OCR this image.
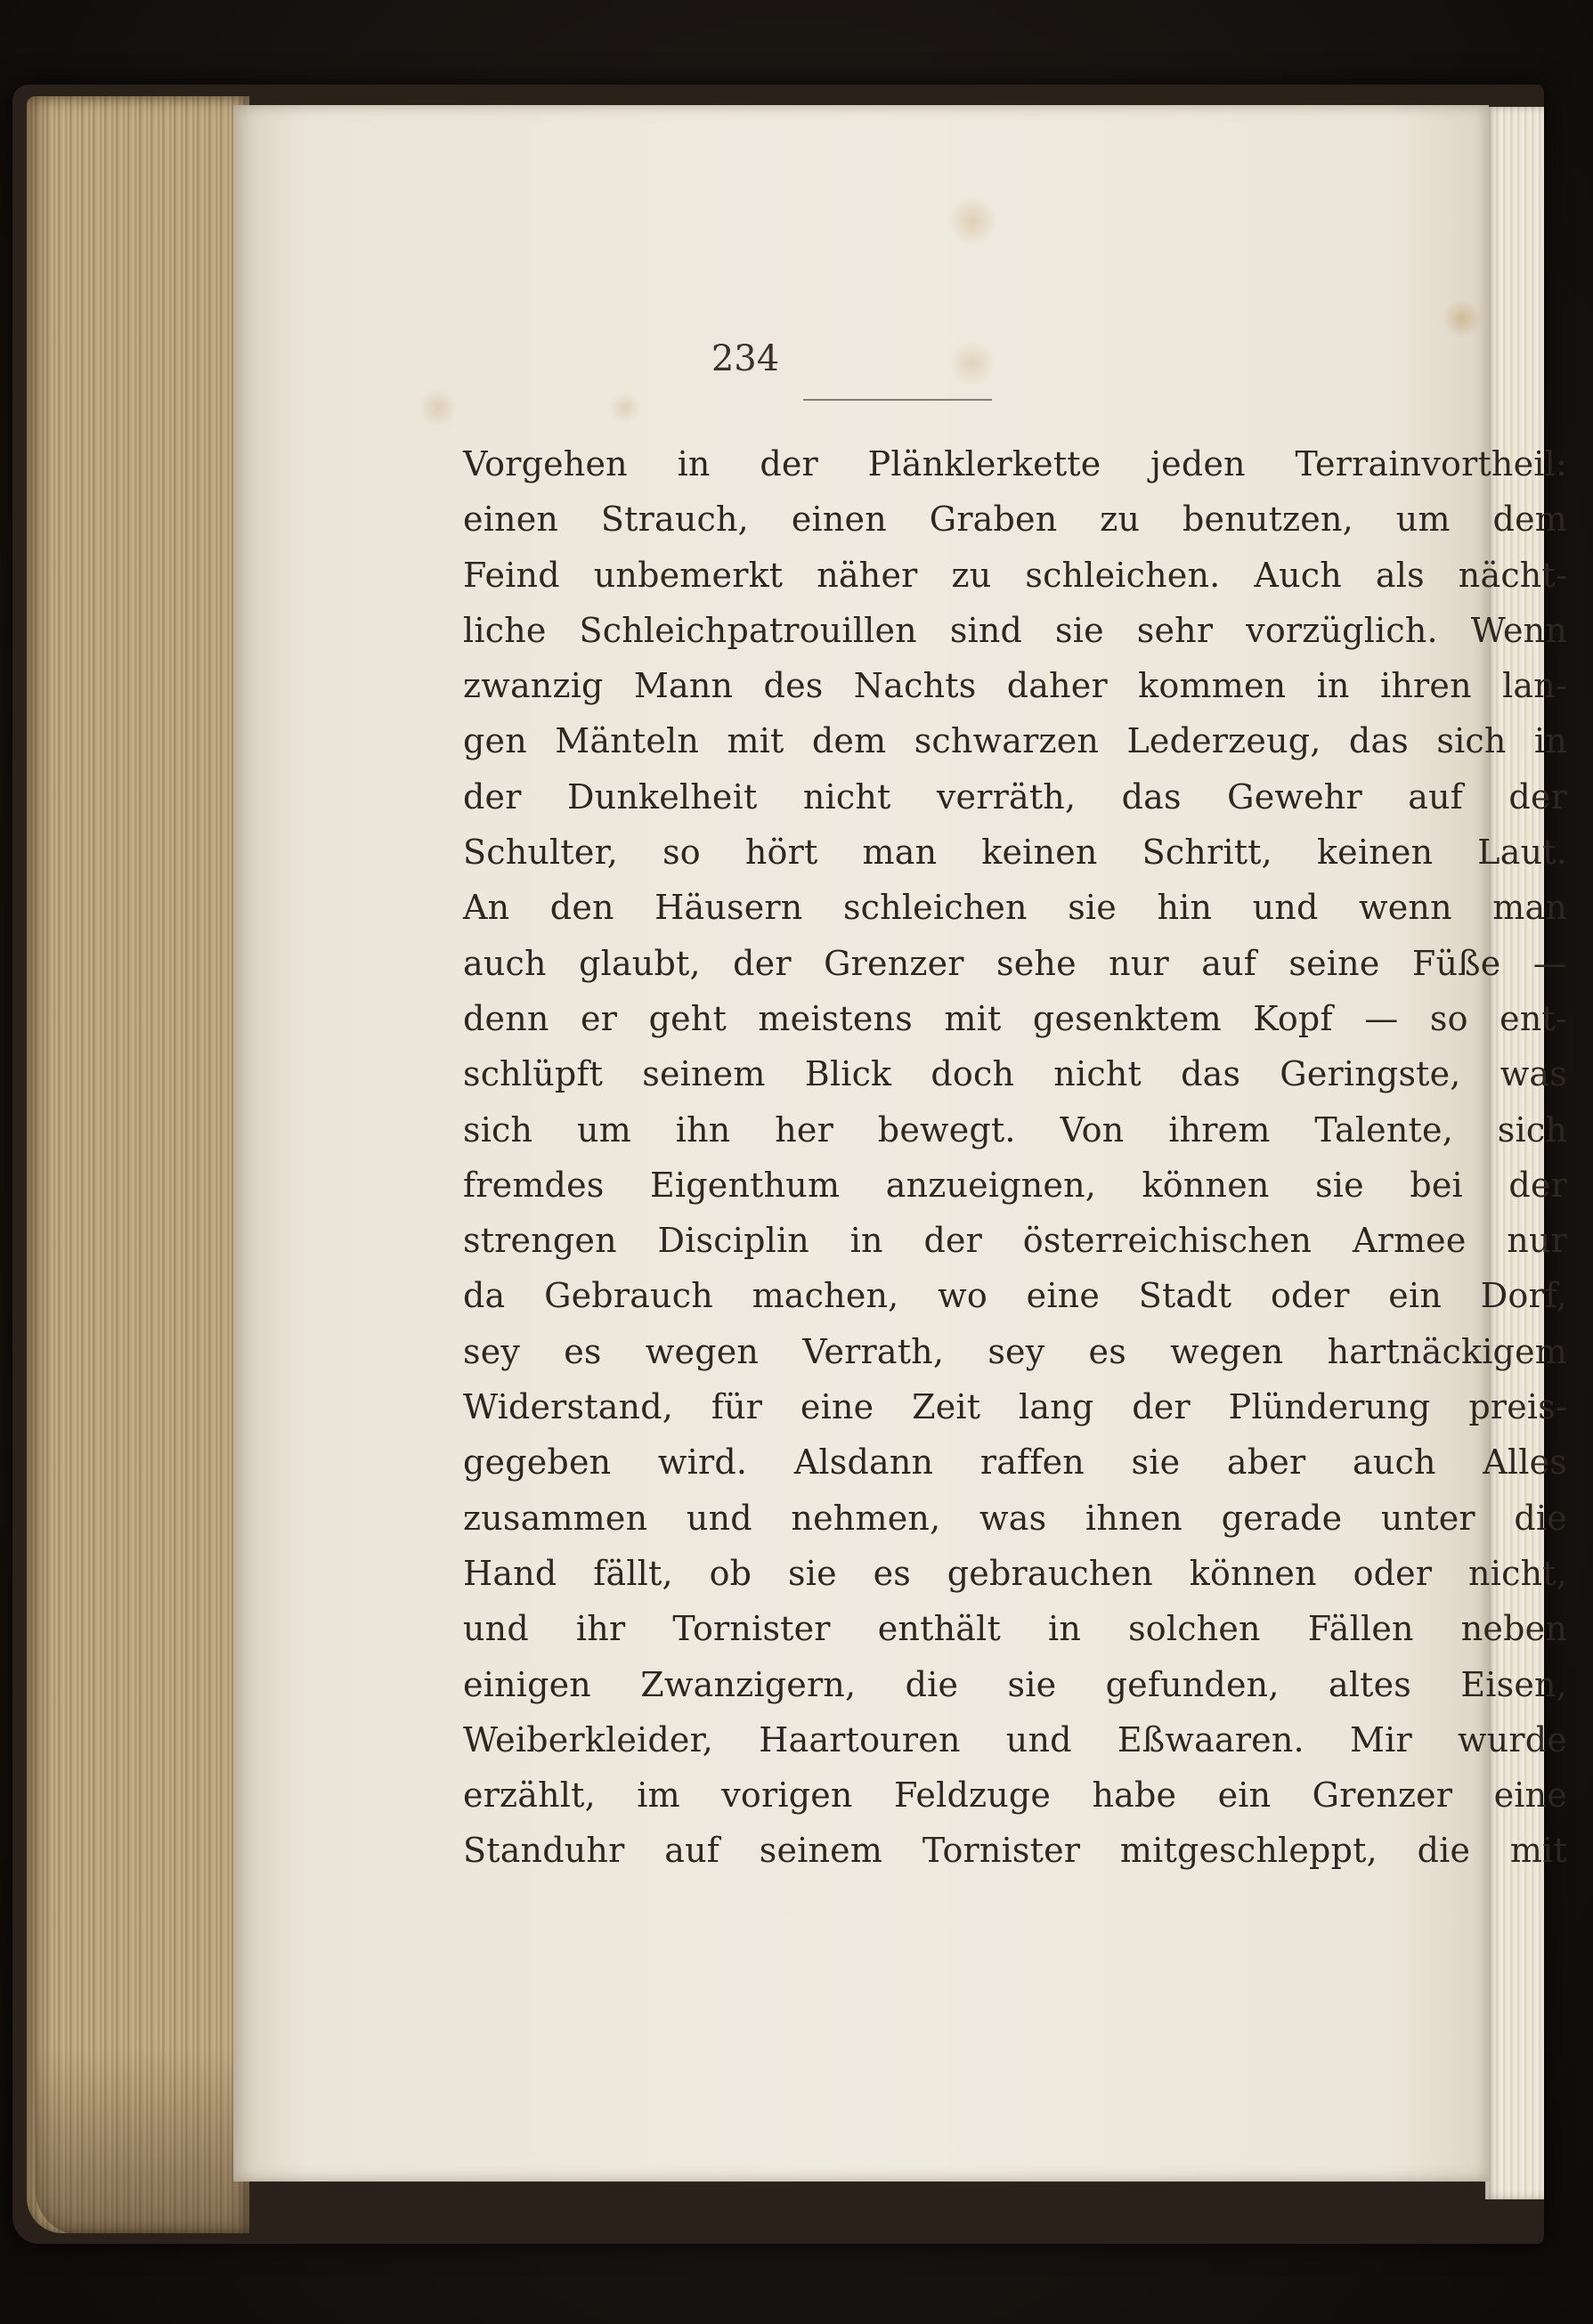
234
Vorgehen in der Plänklerkette jeden Terrainvortheil:
einen Strauch, einen Graben zu benutzen, um dem
Feind unbemerkt näher zu schleichen. Auch als nächt-
liche Schleichpatrouillen sind sie sehr vorzüglich. Wenn
zwanzig Mann des Nachts daher kommen in ihren lan-
gen Mänteln mit dem schwarzen Lederzeug, das sich in
der Dunkelheit nicht verräth, das Gewehr auf der
Schulter, so hört man keinen Schritt, keinen Laut.
An den Häusern schleichen sie hin und wenn man
auch glaubt, der Grenzer sehe nur auf seine Füße —
denn er geht meistens mit gesenktem Kopf — so ent-
schlüpft seinem Blick doch nicht das Geringste, was
sich um ihn her bewegt. Von ihrem Talente, sich
fremdes Eigenthum anzueignen, können sie bei der
strengen Disciplin in der österreichischen Armee nur
da Gebrauch machen, wo eine Stadt oder ein Dorf,
sey es wegen Verrath, sey es wegen hartnäckigem
Widerstand, für eine Zeit lang der Plünderung preis-
gegeben wird. Alsdann raffen sie aber auch Alles
zusammen und nehmen, was ihnen gerade unter die
Hand fällt, ob sie es gebrauchen können oder nicht,
und ihr Tornister enthält in solchen Fällen neben
einigen Zwanzigern, die sie gefunden, altes Eisen,
Weiberkleider, Haartouren und Eßwaaren. Mir wurde
erzählt, im vorigen Feldzuge habe ein Grenzer eine
Standuhr auf seinem Tornister mitgeschleppt, die mit
